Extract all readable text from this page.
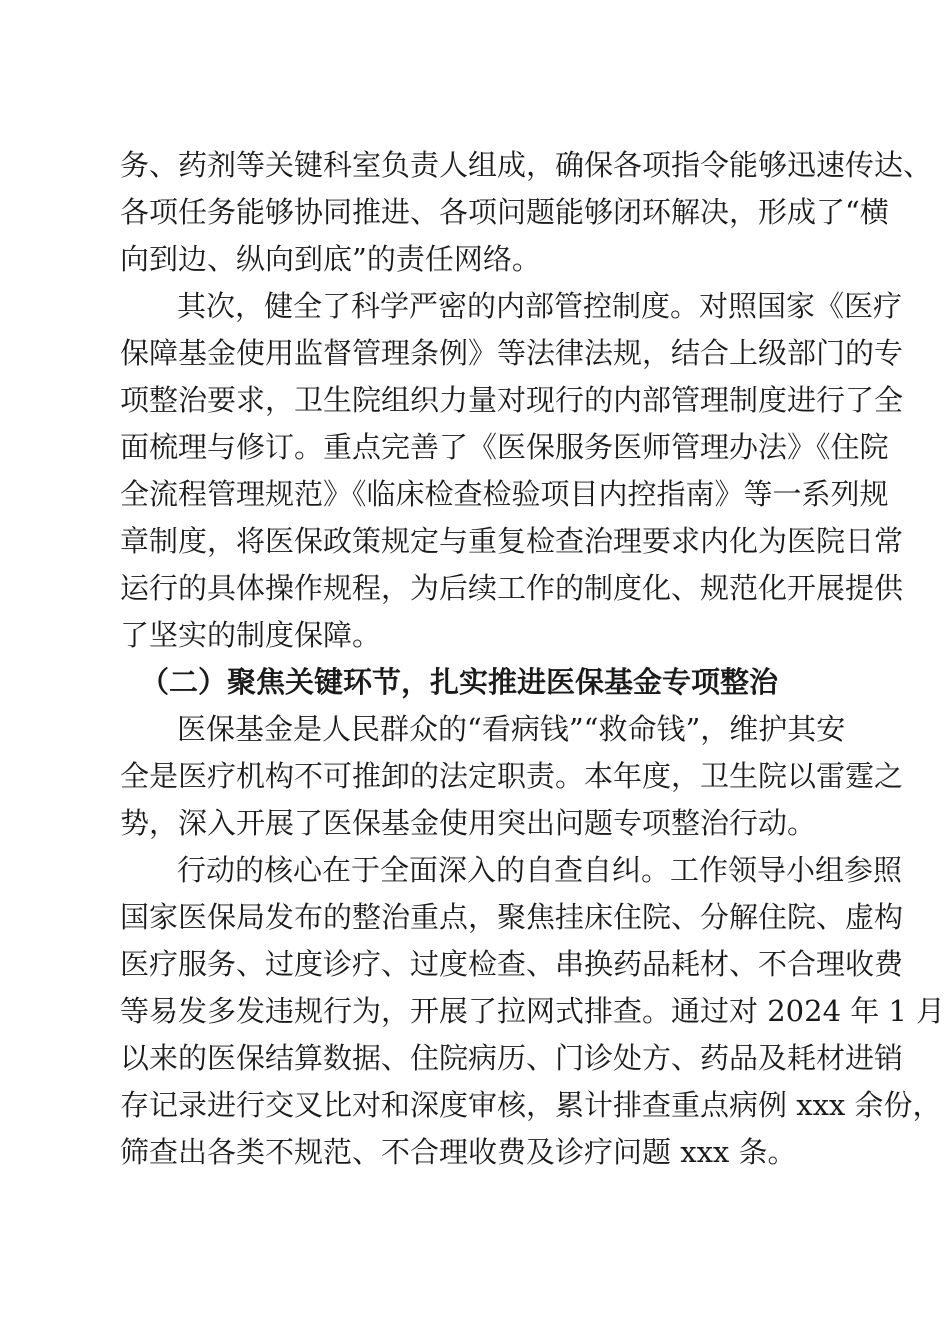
务、药剂等关键科室负责人组成，确保各项指令能够迅速传达、
各项任务能够协同推进、各项问题能够闭环解决，形成了“横
向到边、纵向到底”的责任网络。
其次，健全了科学严密的内部管控制度。对照国家《医疗
保障基金使用监督管理条例》等法律法规，结合上级部门的专
项整治要求，卫生院组织力量对现行的内部管理制度进行了全
面梳理与修订。重点完善了《医保服务医师管理办法》《住院
全流程管理规范》《临床检查检验项目内控指南》等一系列规
章制度，将医保政策规定与重复检查治理要求内化为医院日常
运行的具体操作规程，为后续工作的制度化、规范化开展提供
了坚实的制度保障。
（二）聚焦关键环节，扎实推进医保基金专项整治
医保基金是人民群众的“看病钱”“救命钱”，维护其安
全是医疗机构不可推卸的法定职责。本年度，卫生院以雷霆之
势，深入开展了医保基金使用突出问题专项整治行动。
行动的核心在于全面深入的自查自纠。工作领导小组参照
国家医保局发布的整治重点，聚焦挂床住院、分解住院、虚构
医疗服务、过度诊疗、过度检查、串换药品耗材、不合理收费
等易发多发违规行为，开展了拉网式排查。通过对 2024 年 1 月
以来的医保结算数据、住院病历、门诊处方、药品及耗材进销
存记录进行交叉比对和深度审核，累计排查重点病例 xxx 余份，
筛查出各类不规范、不合理收费及诊疗问题 xxx 条。
